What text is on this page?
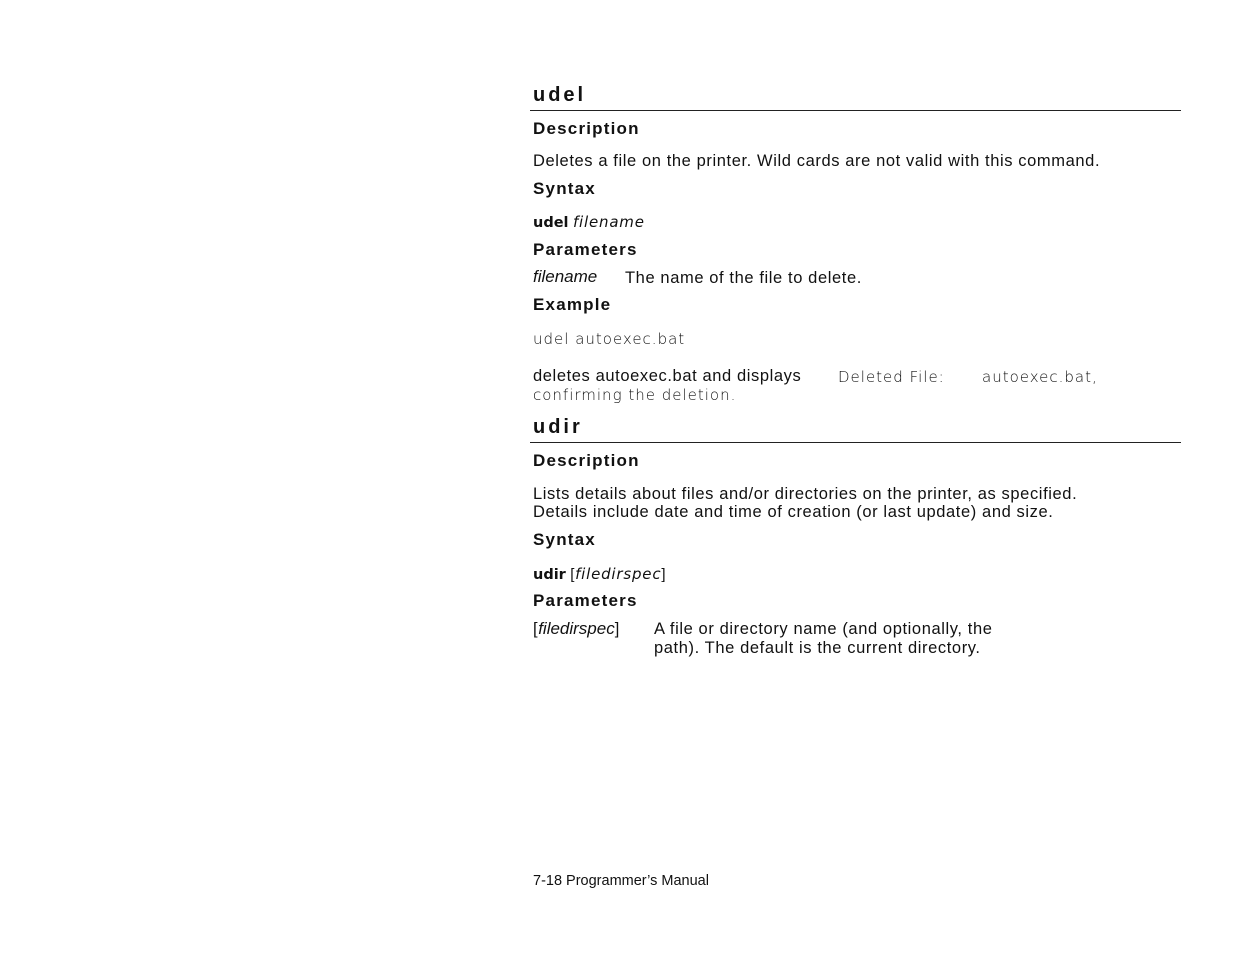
udel
Description
Deletes a file on the printer. Wild cards are not valid with this command.
Syntax
udel filename
Parameters
filename The name of the file to delete.
Example
udel autoexec.bat
deletes autoexec.bat and displays Deleted File: autoexec.bat,
confirming the deletion.
udir
Description
Lists details about files and/or directories on the printer, as specified.
Details include date and time of creation (or last update) and size.
Syntax
udir [filedirspec]
Parameters
[filedirspec] A file or directory name (and optionally, the
path). The default is the current directory.
7-18 Programmer’s Manual
